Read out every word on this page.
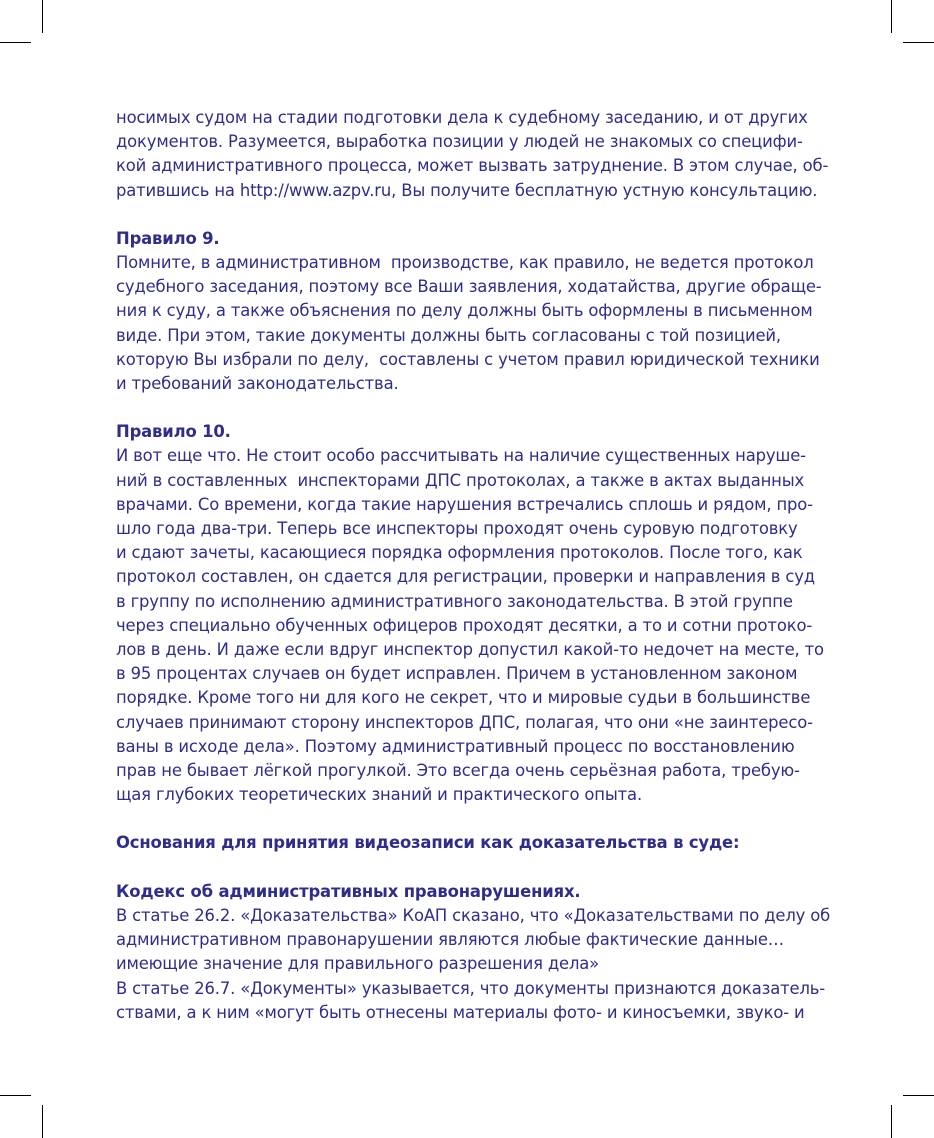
носимых судом на стадии подготовки дела к судебному заседанию, и от других

документов. Разумеется, выработка позиции у людей не знакомых со специфи-

кой административного процесса, может вызвать затруднение. В этом случае, об-

ратившись на http://www.azpv.ru, Вы получите бесплатную устную консультацию.

Правило 9.

Помните, в административном  производстве, как правило, не ведется протокол

судебного заседания, поэтому все Ваши заявления, ходатайства, другие обраще-

ния к суду, а также объяснения по делу должны быть оформлены в письменном

виде. При этом, такие документы должны быть согласованы с той позицией,

которую Вы избрали по делу,  составлены с учетом правил юридической техники

и требований законодательства.

Правило 10.

И вот еще что. Не стоит особо рассчитывать на наличие существенных наруше-

ний в составленных  инспекторами ДПС протоколах, а также в актах выданных

врачами. Со времени, когда такие нарушения встречались сплошь и рядом, про-

шло года два-три. Теперь все инспекторы проходят очень суровую подготовку

и сдают зачеты, касающиеся порядка оформления протоколов. После того, как

протокол составлен, он сдается для регистрации, проверки и направления в суд

в группу по исполнению административного законодательства. В этой группе

через специально обученных офицеров проходят десятки, а то и сотни протоко-

лов в день. И даже если вдруг инспектор допустил какой-то недочет на месте, то

в 95 процентах случаев он будет исправлен. Причем в установленном законом

порядке. Кроме того ни для кого не секрет, что и мировые судьи в большинстве

случаев принимают сторону инспекторов ДПС, полагая, что они «не заинтересо-

ваны в исходе дела». Поэтому административный процесс по восстановлению

прав не бывает лёгкой прогулкой. Это всегда очень серьёзная работа, требую-

щая глубоких теоретических знаний и практического опыта.

Основания для принятия видеозаписи как доказательства в суде:

Кодекс об административных правонарушениях.

В статье 26.2. «Доказательства» КоАП сказано, что «Доказательствами по делу об

административном правонарушении являются любые фактические данные…

имеющие значение для правильного разрешения дела»

В статье 26.7. «Документы» указывается, что документы признаются доказатель-

ствами, а к ним «могут быть отнесены материалы фото- и киносъемки, звуко- и
